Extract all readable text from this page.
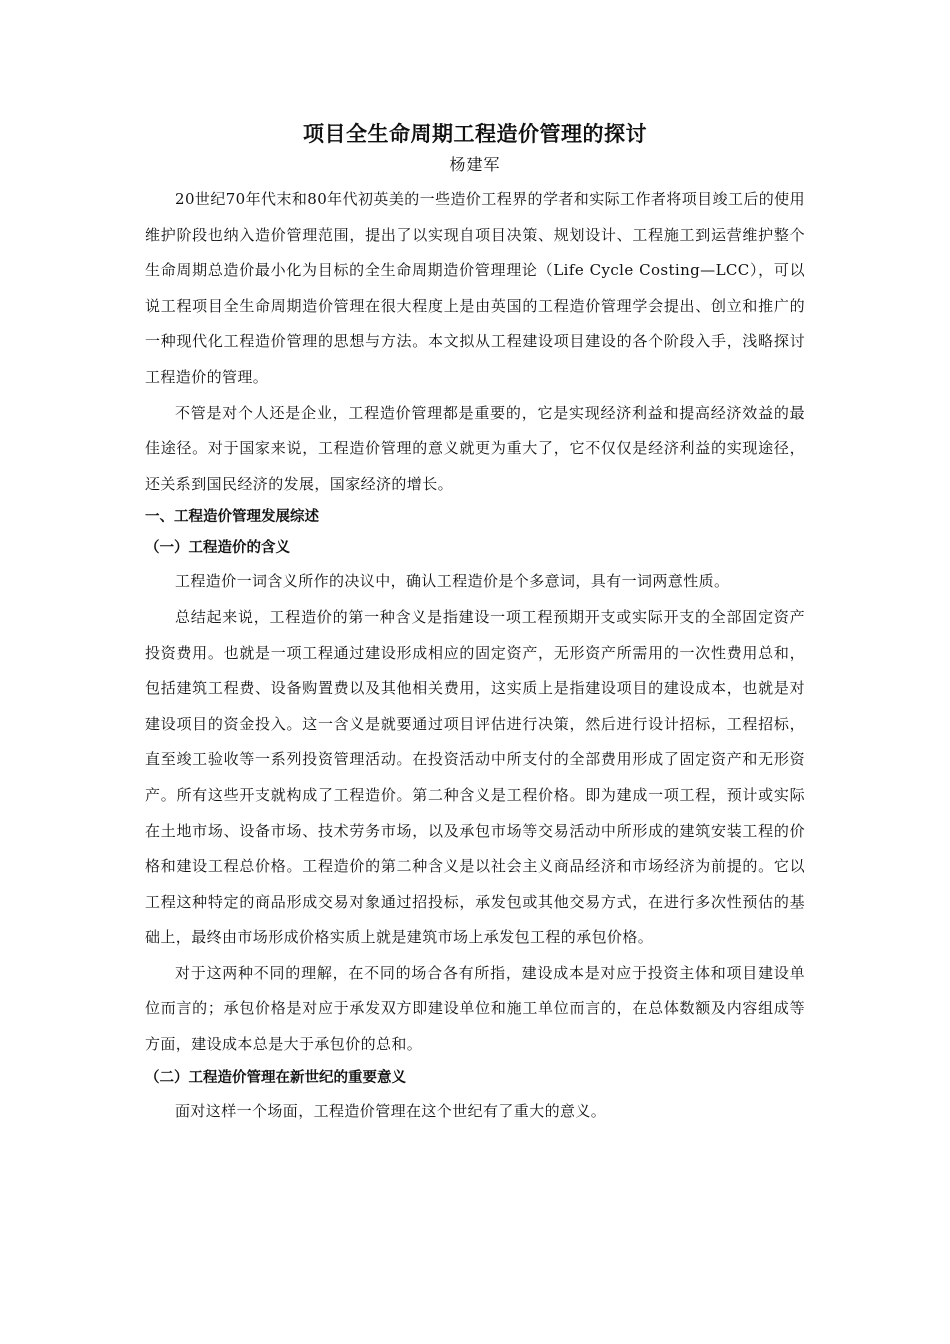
项目全生命周期工程造价管理的探讨

杨建军

20世纪70年代末和80年代初英美的一些造价工程界的学者和实际工作者将项目竣工后的使用维护阶段也纳入造价管理范围，提出了以实现自项目决策、规划设计、工程施工到运营维护整个生命周期总造价最小化为目标的全生命周期造价管理理论（Life Cycle Costing—LCC），可以说工程项目全生命周期造价管理在很大程度上是由英国的工程造价管理学会提出、创立和推广的一种现代化工程造价管理的思想与方法。本文拟从工程建设项目建设的各个阶段入手，浅略探讨工程造价的管理。

不管是对个人还是企业，工程造价管理都是重要的，它是实现经济利益和提高经济效益的最佳途径。对于国家来说，工程造价管理的意义就更为重大了，它不仅仅是经济利益的实现途径，还关系到国民经济的发展，国家经济的增长。

一、工程造价管理发展综述
（一）工程造价的含义

工程造价一词含义所作的决议中，确认工程造价是个多意词，具有一词两意性质。

总结起来说，工程造价的第一种含义是指建设一项工程预期开支或实际开支的全部固定资产投资费用。也就是一项工程通过建设形成相应的固定资产，无形资产所需用的一次性费用总和，包括建筑工程费、设备购置费以及其他相关费用，这实质上是指建设项目的建设成本，也就是对建设项目的资金投入。这一含义是就要通过项目评估进行决策，然后进行设计招标，工程招标，直至竣工验收等一系列投资管理活动。在投资活动中所支付的全部费用形成了固定资产和无形资产。所有这些开支就构成了工程造价。第二种含义是工程价格。即为建成一项工程，预计或实际在土地市场、设备市场、技术劳务市场，以及承包市场等交易活动中所形成的建筑安装工程的价格和建设工程总价格。工程造价的第二种含义是以社会主义商品经济和市场经济为前提的。它以工程这种特定的商品形成交易对象通过招投标，承发包或其他交易方式，在进行多次性预估的基础上，最终由市场形成价格实质上就是建筑市场上承发包工程的承包价格。

对于这两种不同的理解，在不同的场合各有所指，建设成本是对应于投资主体和项目建设单位而言的；承包价格是对应于承发双方即建设单位和施工单位而言的，在总体数额及内容组成等方面，建设成本总是大于承包价的总和。

（二）工程造价管理在新世纪的重要意义

面对这样一个场面，工程造价管理在这个世纪有了重大的意义。
